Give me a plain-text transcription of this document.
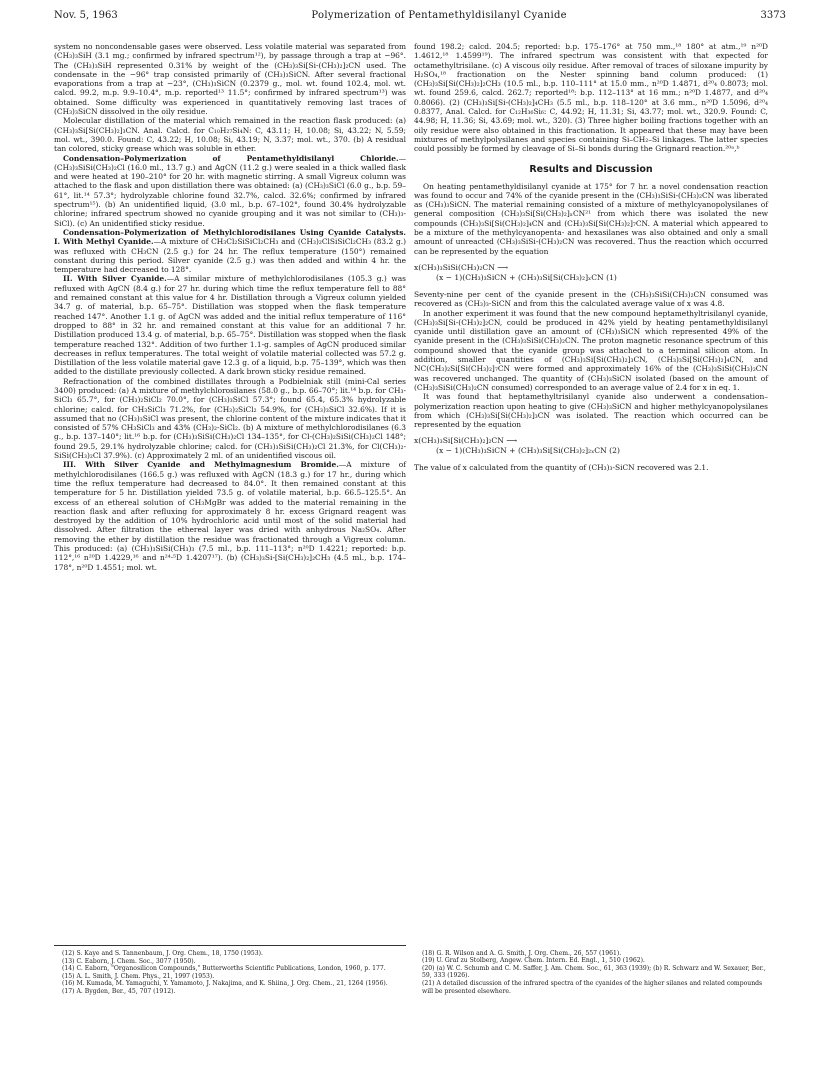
Nov. 5, 1963	Polymerization of Pentamethyldisilanyl Cyanide	3373

system no noncondensable gases were observed. Less volatile material was separated from (CH₃)₃SiH (3.1 mg.; confirmed by infrared spectrum¹²), by passage through a trap at −96°. The (CH₃)₃SiH represented 0.31% by weight of the (CH₃)₃Si[Si-(CH₃)₂]₂CN used. The condensate in the −96° trap consisted primarily of (CH₃)₃SiCN. After several fractional evaporations from a trap at −23°, (CH₃)₃SiCN (0.2379 g., mol. wt. found 102.4, mol. wt. calcd. 99.2, m.p. 9.9–10.4°, m.p. reported¹³ 11.5°; confirmed by infrared spectrum¹³) was obtained. Some difficulty was experienced in quantitatively removing last traces of (CH₃)₃SiCN dissolved in the oily residue.

Molecular distillation of the material which remained in the reaction flask produced: (a) (CH₃)₃Si[Si(CH₃)₂]₃CN. Anal. Calcd. for C₁₀H₂₇Si₄N: C, 43.11; H, 10.08; Si, 43.22; N, 5.59; mol. wt., 390.0. Found: C, 43.22; H, 10.08; Si, 43.19; N, 3.37; mol. wt., 370. (b) A residual tan colored, sticky grease which was soluble in ether.

Condensation–Polymerization of Pentamethyldisilanyl Chloride.—(CH₃)₃SiSi(CH₃)₂Cl (16.0 ml., 13.7 g.) and AgCN (11.2 g.) were sealed in a thick walled flask and were heated at 190–210° for 20 hr. with magnetic stirring. A small Vigreux column was attached to the flask and upon distillation there was obtained: (a) (CH₃)₃SiCl (6.0 g., b.p. 59–61°, lit.¹⁴ 57.3°; hydrolyzable chlorine found 32.7%, calcd. 32.6%; confirmed by infrared spectrum¹⁵). (b) An unidentified liquid, (3.0 ml., b.p. 67–102°, found 30.4% hydrolyzable chlorine; infrared spectrum showed no cyanide grouping and it was not similar to (CH₃)₃-SiCl). (c) An unidentified sticky residue.

Condensation–Polymerization of Methylchlorodisilanes Using Cyanide Catalysts. I. With Methyl Cyanide.—A mixture of CH₃Cl₂SiSiCl₂CH₃ and (CH₃)₂ClSiSiCl₂CH₃ (83.2 g.) was refluxed with CH₃CN (2.5 g.) for 24 hr. The reflux temperature (150°) remained constant during this period. Silver cyanide (2.5 g.) was then added and within 4 hr. the temperature had decreased to 128°.

II. With Silver Cyanide.—A similar mixture of methylchlorodisilanes (105.3 g.) was refluxed with AgCN (8.4 g.) for 27 hr. during which time the reflux temperature fell to 88° and remained constant at this value for 4 hr. Distillation through a Vigreux column yielded 34.7 g. of material, b.p. 65–75°. Distillation was stopped when the flask temperature reached 147°. Another 1.1 g. of AgCN was added and the initial reflux temperature of 116° dropped to 88° in 32 hr. and remained constant at this value for an additional 7 hr. Distillation produced 13.4 g. of material, b.p. 65–75°. Distillation was stopped when the flask temperature reached 132°. Addition of two further 1.1-g. samples of AgCN produced similar decreases in reflux temperatures. The total weight of volatile material collected was 57.2 g. Distillation of the less volatile material gave 12.3 g. of a liquid, b.p. 75–139°, which was then added to the distillate previously collected. A dark brown sticky residue remained.

Refractionation of the combined distillates through a Podbielniak still (mini-Cal series 3400) produced: (a) A mixture of methylchlorosilanes (58.0 g., b.p. 66–70°; lit.¹⁴ b.p. for CH₃-SiCl₃ 65.7°, for (CH₃)₂SiCl₂ 70.0°, for (CH₃)₃SiCl 57.3°; found 65.4, 65.3% hydrolyzable chlorine; calcd. for CH₃SiCl₃ 71.2%, for (CH₃)₂SiCl₂ 54.9%, for (CH₃)₃SiCl 32.6%). If it is assumed that no (CH₃)₃SiCl was present, the chlorine content of the mixture indicates that it consisted of 57% CH₃SiCl₃ and 43% (CH₃)₂-SiCl₂. (b) A mixture of methylchlorodisilanes (6.3 g., b.p. 137–140°; lit.¹⁶ b.p. for (CH₃)₃SiSi(CH₃)₂Cl 134–135°, for Cl-(CH₃)₂SiSi(CH₃)₂Cl 148°; found 29.5, 29.1% hydrolyzable chlorine; calcd. for (CH₃)₃SiSi(CH₃)₂Cl 21.3%, for Cl(CH₃)₂-SiSi(CH₃)₂Cl 37.9%). (c) Approximately 2 ml. of an unidentified viscous oil.

III. With Silver Cyanide and Methylmagnesium Bromide.—A mixture of methylchlorodisilanes (166.5 g.) was refluxed with AgCN (18.3 g.) for 17 hr., during which time the reflux temperature had decreased to 84.0°. It then remained constant at this temperature for 5 hr. Distillation yielded 73.5 g. of volatile material, b.p. 66.5–125.5°. An excess of an ethereal solution of CH₃MgBr was added to the material remaining in the reaction flask and after refluxing for approximately 8 hr. excess Grignard reagent was destroyed by the addition of 10% hydrochloric acid until most of the solid material had dissolved. After filtration the ethereal layer was dried with anhydrous Na₂SO₄. After removing the ether by distillation the residue was fractionated through a Vigreux column. This produced: (a) (CH₃)₃SiSi(CH₃)₃ (7.5 ml., b.p. 111–113°; n²⁰D 1.4221; reported: b.p. 112°,¹⁶ n²⁰D 1.4229,¹⁶ and n²⁴·⁵D 1.4207¹⁷). (b) (CH₃)₃Si-[Si(CH₃)₂]₂CH₃ (4.5 ml., b.p. 174–178°, n²⁰D 1.4551; mol. wt.

found 198.2; calcd. 204.5; reported: b.p. 175–176° at 750 mm.,¹⁸ 180° at atm.,¹⁹ n²⁰D 1.4612,¹⁸ 1.4599¹⁹). The infrared spectrum was consistent with that expected for octamethyltrisilane. (c) A viscous oily residue. After removal of traces of siloxane impurity by H₂SO₄,¹⁸ fractionation on the Nester spinning band column produced: (1) (CH₃)₃Si[Si(CH₃)₂]₂CH₃ (10.5 ml., b.p. 110–111° at 15.0 mm., n²⁰D 1.4871, d²⁰₄ 0.8073; mol. wt. found 259.6, calcd. 262.7; reported¹⁸: b.p. 112–113° at 16 mm.; n²⁰D 1.4877, and d²⁰₄ 0.8066). (2) (CH₃)₃Si[Si-(CH₃)₂]₄CH₃ (5.5 ml., b.p. 118–120° at 3.6 mm., n²⁰D 1.5096, d²⁰₄ 0.8377, Anal. Calcd. for C₁₂H₃₆Si₆: C, 44.92; H, 11.31; Si, 43.77; mol. wt., 320.9. Found: C, 44.98; H, 11.36; Si, 43.69; mol. wt., 320). (3) Three higher boiling fractions together with an oily residue were also obtained in this fractionation. It appeared that these may have been mixtures of methylpolysilanes and species containing Si–CH₂–Si linkages. The latter species could possibly be formed by cleavage of Si–Si bonds during the Grignard reaction.²⁰ᵃ,ᵇ

Results and Discussion

On heating pentamethyldisilanyl cyanide at 175° for 7 hr. a novel condensation reaction was found to occur and 74% of the cyanide present in the (CH₃)₃SiSi-(CH₃)₂CN was liberated as (CH₃)₃SiCN. The material remaining consisted of a mixture of methylcyanopolysilanes of general composition (CH₃)₃Si[Si(CH₃)₂]ₓCN²¹ from which there was isolated the new compounds (CH₃)₃Si[Si(CH₃)₂]₄CN and (CH₃)₃Si[Si(CH₃)₂]₇CN. A material which appeared to be a mixture of the methylcyanopenta- and hexasilanes was also obtained and only a small amount of unreacted (CH₃)₃SiSi-(CH₃)₂CN was recovered. Thus the reaction which occurred can be represented by the equation

x(CH₃)₃SiSi(CH₃)₂CN ⟶
(x − 1)(CH₃)₃SiCN + (CH₃)₃Si[Si(CH₃)₂]ₓCN (1)

Seventy-nine per cent of the cyanide present in the (CH₃)₃SiSi(CH₃)₂CN consumed was recovered as (CH₃)₃-SiCN and from this the calculated average value of x was 4.8.

In another experiment it was found that the new compound heptamethyltrisilanyl cyanide, (CH₃)₃Si[Si-(CH₃)₂]₂CN, could be produced in 42% yield by heating pentamethyldisilanyl cyanide until distillation gave an amount of (CH₃)₃SiCN which represented 49% of the cyanide present in the (CH₃)₃SiSi(CH₃)₂CN. The proton magnetic resonance spectrum of this compound showed that the cyanide group was attached to a terminal silicon atom. In addition, smaller quantities of (CH₃)₃Si[Si(CH₃)₂]₃CN, (CH₃)₃Si[Si(CH₃)₂]₄CN, and NC(CH₃)₂Si[Si(CH₃)₂]₇CN were formed and approximately 16% of the (CH₃)₃SiSi(CH₃)₂CN was recovered unchanged. The quantity of (CH₃)₃SiCN isolated (based on the amount of (CH₃)₃SiSi(CH₃)₂CN consumed) corresponded to an average value of 2.4 for x in eq. 1.

It was found that heptamethyltrisilanyl cyanide also underwent a condensation–polymerization reaction upon heating to give (CH₃)₃SiCN and higher methylcyanopolysilanes from which (CH₃)₃Si[Si(CH₃)₂]₃CN was isolated. The reaction which occurred can be represented by the equation

x(CH₃)₃Si[Si(CH₃)₂]₂CN ⟶
(x − 1)(CH₃)₃SiCN + (CH₃)₃Si[Si(CH₃)₂]₂ₓCN (2)

The value of x calculated from the quantity of (CH₃)₃-SiCN recovered was 2.1.

(12) S. Kaye and S. Tannenbaum, J. Org. Chem., 18, 1750 (1953).
(13) C. Eaborn, J. Chem. Soc., 3077 (1950).
(14) C. Eaborn, "Organosilicon Compounds," Butterworths Scientific Publications, London, 1960, p. 177.
(15) A. L. Smith, J. Chem. Phys., 21, 1997 (1953).
(16) M. Kumada, M. Yamaguchi, Y. Yamamoto, J. Nakajima, and K. Shiina, J. Org. Chem., 21, 1264 (1956).
(17) A. Bygden, Ber., 45, 707 (1912).
(18) G. R. Wilson and A. G. Smith, J. Org. Chem., 26, 557 (1961).
(19) U. Graf zu Stolberg, Angew. Chem. Intern. Ed. Engl., 1, 510 (1962).
(20) (a) W. C. Schumb and C. M. Saffer, J. Am. Chem. Soc., 61, 363 (1939); (b) R. Schwarz and W. Sexauer, Ber., 59, 333 (1926).
(21) A detailed discussion of the infrared spectra of the cyanides of the higher silanes and related compounds will be presented elsewhere.
